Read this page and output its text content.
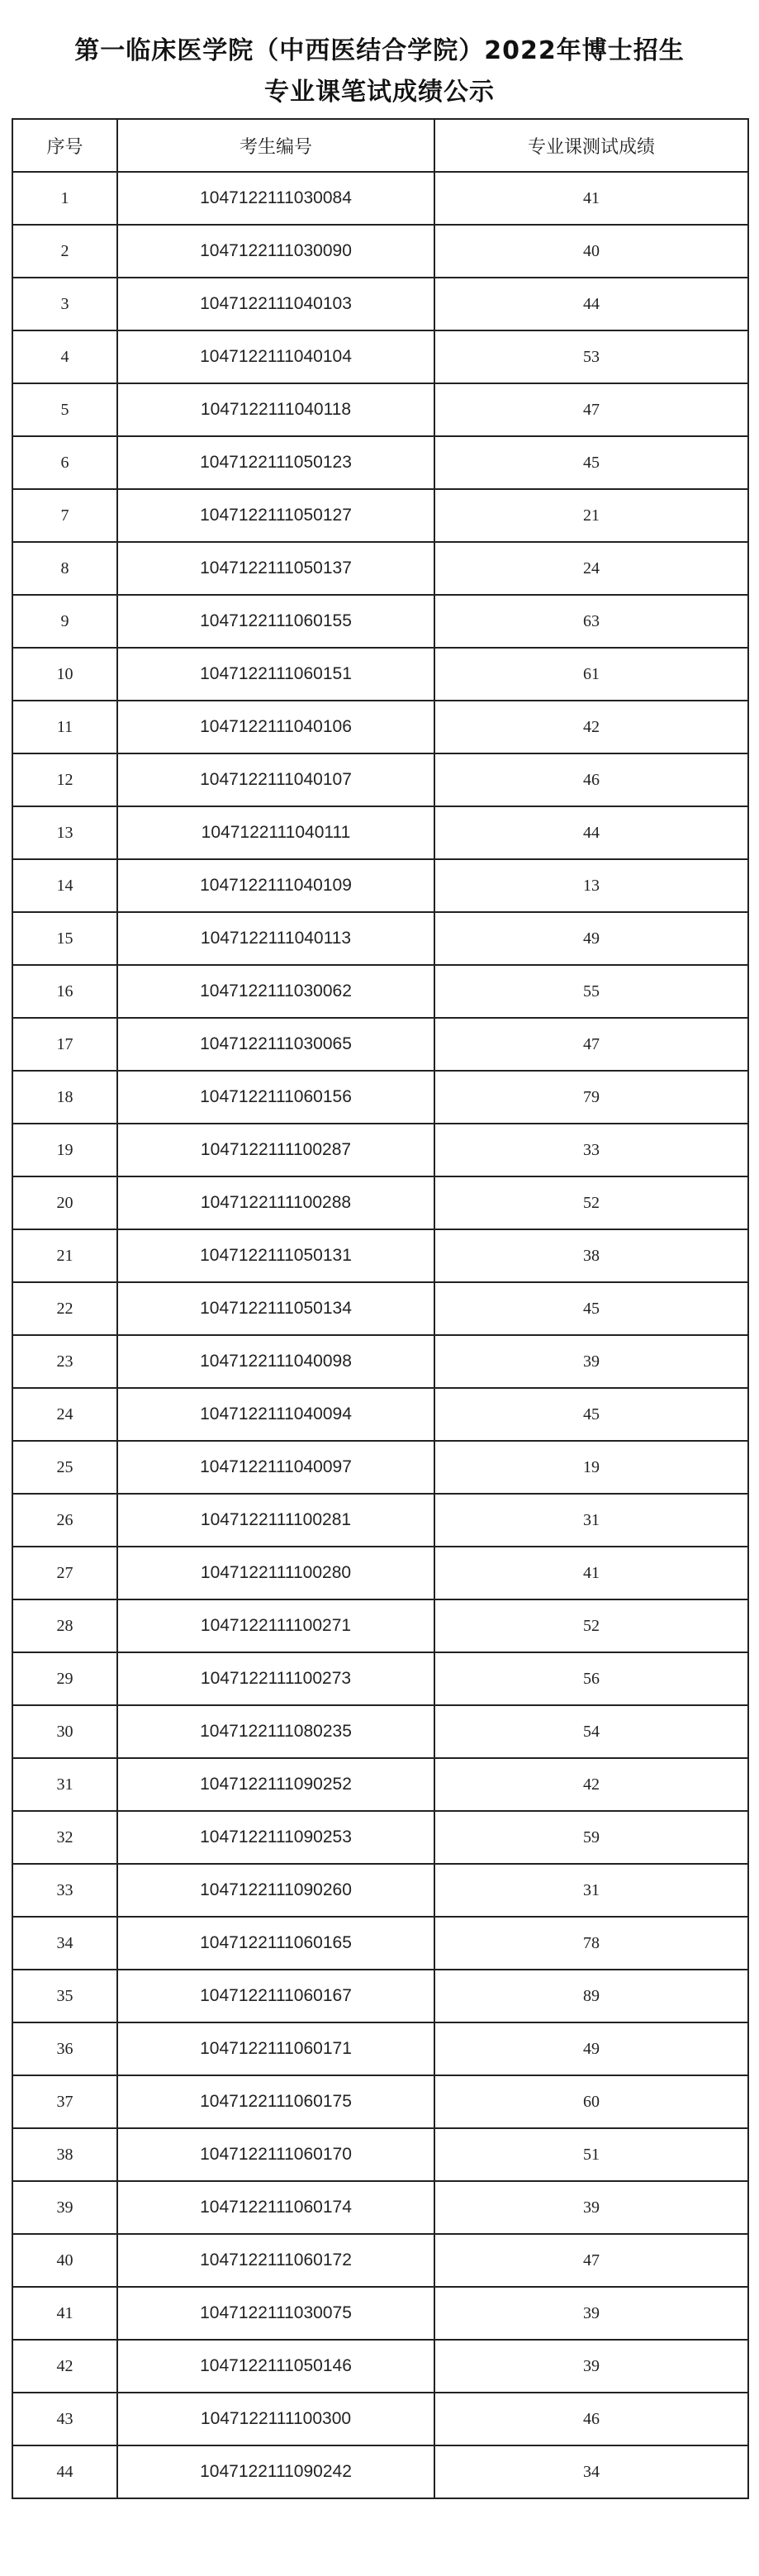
第一临床医学院（中西医结合学院）2022年博士招生
专业课笔试成绩公示
序号	考生编号	专业课测试成绩
1	1047122111030084	41
2	1047122111030090	40
3	1047122111040103	44
4	1047122111040104	53
5	1047122111040118	47
6	1047122111050123	45
7	1047122111050127	21
8	1047122111050137	24
9	1047122111060155	63
10	1047122111060151	61
11	1047122111040106	42
12	1047122111040107	46
13	1047122111040111	44
14	1047122111040109	13
15	1047122111040113	49
16	1047122111030062	55
17	1047122111030065	47
18	1047122111060156	79
19	1047122111100287	33
20	1047122111100288	52
21	1047122111050131	38
22	1047122111050134	45
23	1047122111040098	39
24	1047122111040094	45
25	1047122111040097	19
26	1047122111100281	31
27	1047122111100280	41
28	1047122111100271	52
29	1047122111100273	56
30	1047122111080235	54
31	1047122111090252	42
32	1047122111090253	59
33	1047122111090260	31
34	1047122111060165	78
35	1047122111060167	89
36	1047122111060171	49
37	1047122111060175	60
38	1047122111060170	51
39	1047122111060174	39
40	1047122111060172	47
41	1047122111030075	39
42	1047122111050146	39
43	1047122111100300	46
44	1047122111090242	34
